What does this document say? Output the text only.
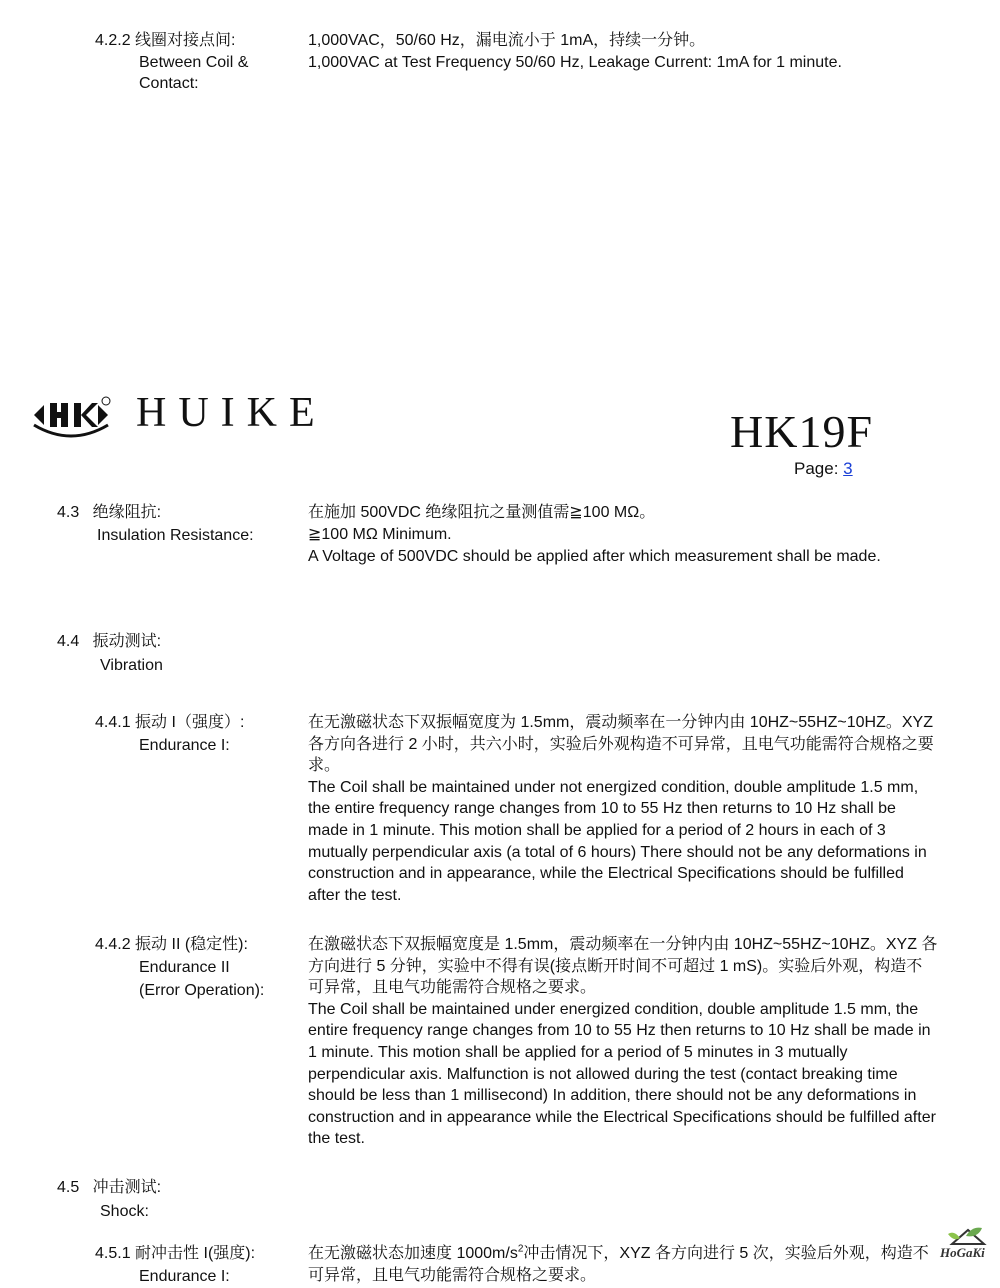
4.2.2 线圈对接点间:
Between Coil &
Contact:

1,000VAC，50/60 Hz，漏电流小于 1mA，持续一分钟。

1,000VAC at Test Frequency 50/60 Hz, Leakage Current: 1mA for 1 minute.

HUIKE	HK19F
Page: 3
4.3 绝缘阻抗:
Insulation Resistance:

在施加 500VDC 绝缘阻抗之量测值需≧100 MΩ。

≧100 MΩ Minimum.

A Voltage of 500VDC should be applied after which measurement shall be made.

4.4 振动测试:
Vibration
4.4.1 振动 I（强度）:
Endurance I:

在无激磁状态下双振幅宽度为 1.5mm，震动频率在一分钟内由 10HZ~55HZ~10HZ。XYZ 各方向各进行 2 小时，共六小时，实验后外观构造不可异常，且电气功能需符合规格之要求。

The Coil shall be maintained under not energized condition, double amplitude 1.5 mm, the entire frequency range changes from 10 to 55 Hz then returns to 10 Hz shall be made in 1 minute. This motion shall be applied for a period of 2 hours in each of 3 mutually perpendicular axis (a total of 6 hours) There should not be any deformations in construction and in appearance, while the Electrical Specifications should be fulfilled after the test.

4.4.2 振动 II (稳定性):
Endurance II
(Error Operation):

在激磁状态下双振幅宽度是 1.5mm，震动频率在一分钟内由 10HZ~55HZ~10HZ。XYZ 各方向进行 5 分钟，实验中不得有误(接点断开时间不可超过 1 mS)。实验后外观，构造不可异常，且电气功能需符合规格之要求。

The Coil shall be maintained under energized condition, double amplitude 1.5 mm, the entire frequency range changes from 10 to 55 Hz then returns to 10 Hz shall be made in 1 minute. This motion shall be applied for a period of 5 minutes in 3 mutually perpendicular axis. Malfunction is not allowed during the test (contact breaking time should be less than 1 millisecond) In addition, there should not be any deformations in construction and in appearance while the Electrical Specifications should be fulfilled after the test.

4.5 冲击测试:
Shock:
4.5.1 耐冲击性 I(强度):
Endurance I:

在无激磁状态加速度 $1000m/s^2$冲击情况下，XYZ 各方向进行 5 次，实验后外观，构造不可异常，且电气功能需符合规格之要求。

HoGaKi
